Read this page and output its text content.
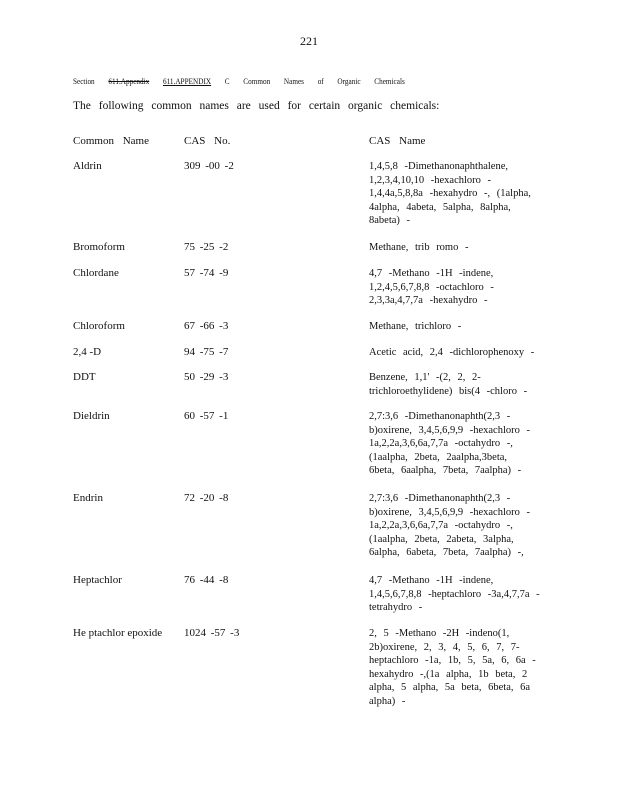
221
Section 611.Appendix 611.APPENDIX C Common Names of Organic Chemicals
The following common names are used for certain organic chemicals:
Common Name	CAS No.	CAS Name
Aldrin	309 -00 -2	1,4,5,8 -Dimethanonaphthalene,
1,2,3,4,10,10 -hexachloro -
1,4,4a,5,8,8a -hexahydro -, (1alpha,
4alpha, 4abeta, 5alpha, 8alpha,
8abeta) -
Bromoform	75 -25 -2	Methane, trib romo -
Chlordane	57 -74 -9	4,7 -Methano -1H -indene,
1,2,4,5,6,7,8,8 -octachloro -
2,3,3a,4,7,7a -hexahydro -
Chloroform	67 -66 -3	Methane, trichloro -
2,4 -D	94 -75 -7	Acetic acid, 2,4 -dichlorophenoxy -
DDT	50 -29 -3	Benzene, 1,1' -(2, 2, 2-
trichloroethylidene) bis(4 -chloro -
Dieldrin	60 -57 -1	2,7:3,6 -Dimethanonaphth(2,3 -
b)oxirene, 3,4,5,6,9,9 -hexachloro -
1a,2,2a,3,6,6a,7,7a -octahydro -,
(1aalpha, 2beta, 2aalpha,3beta,
6beta, 6aalpha, 7beta, 7aalpha) -
Endrin	72 -20 -8	2,7:3,6 -Dimethanonaphth(2,3 -
b)oxirene, 3,4,5,6,9,9 -hexachloro -
1a,2,2a,3,6,6a,7,7a -octahydro -,
(1aalpha, 2beta, 2abeta, 3alpha,
6alpha, 6abeta, 7beta, 7aalpha) -,
Heptachlor	76 -44 -8	4,7 -Methano -1H -indene,
1,4,5,6,7,8,8 -heptachloro -3a,4,7,7a -
tetrahydro -
He ptachlor epoxide 1024 -57 -3	2, 5 -Methano -2H -indeno(1,
2b)oxirene, 2, 3, 4, 5, 6, 7, 7-
heptachloro -1a, 1b, 5, 5a, 6, 6a -
hexahydro -,(1a alpha, 1b beta, 2
alpha, 5 alpha, 5a beta, 6beta, 6a
alpha) -
